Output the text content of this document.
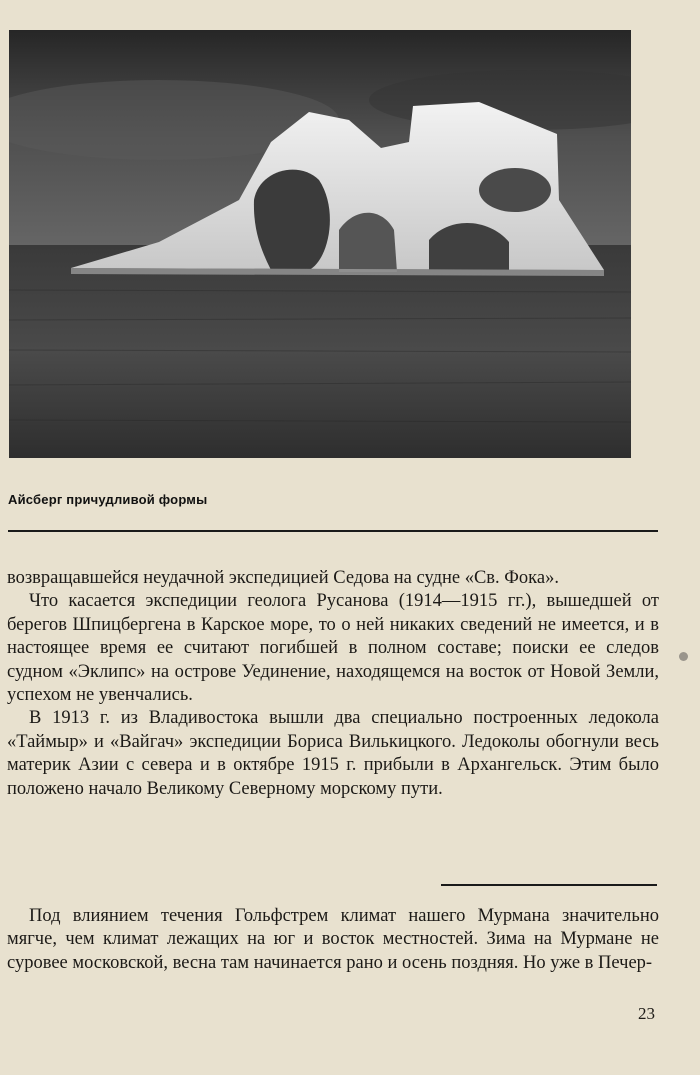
Айсберг причудливой формы

возвращавшейся неудачной экспедицией Седова на судне «Св. Фока».

Что касается экспедиции геолога Русанова (1914—1915 гг.), вышедшей от берегов Шпицбергена в Карское море, то о ней никаких сведений не имеется, и в настоящее время ее считают погибшей в полном составе; поиски ее следов судном «Эклипс» на острове Уединение, находящемся на восток от Новой Земли, успехом не увенчались.

В 1913 г. из Владивостока вышли два специально построенных ледокола «Таймыр» и «Вайгач» экспедиции Бориса Вилькицкого. Ледоколы обогнули весь материк Азии с севера и в октябре 1915 г. прибыли в Архангельск. Этим было положено начало Великому Северному морскому пути.

Под влиянием течения Гольфстрем климат нашего Мурмана значительно мягче, чем климат лежащих на юг и восток местностей. Зима на Мурмане не суровее московской, весна там начинается рано и осень поздняя. Но уже в Печер-

23
